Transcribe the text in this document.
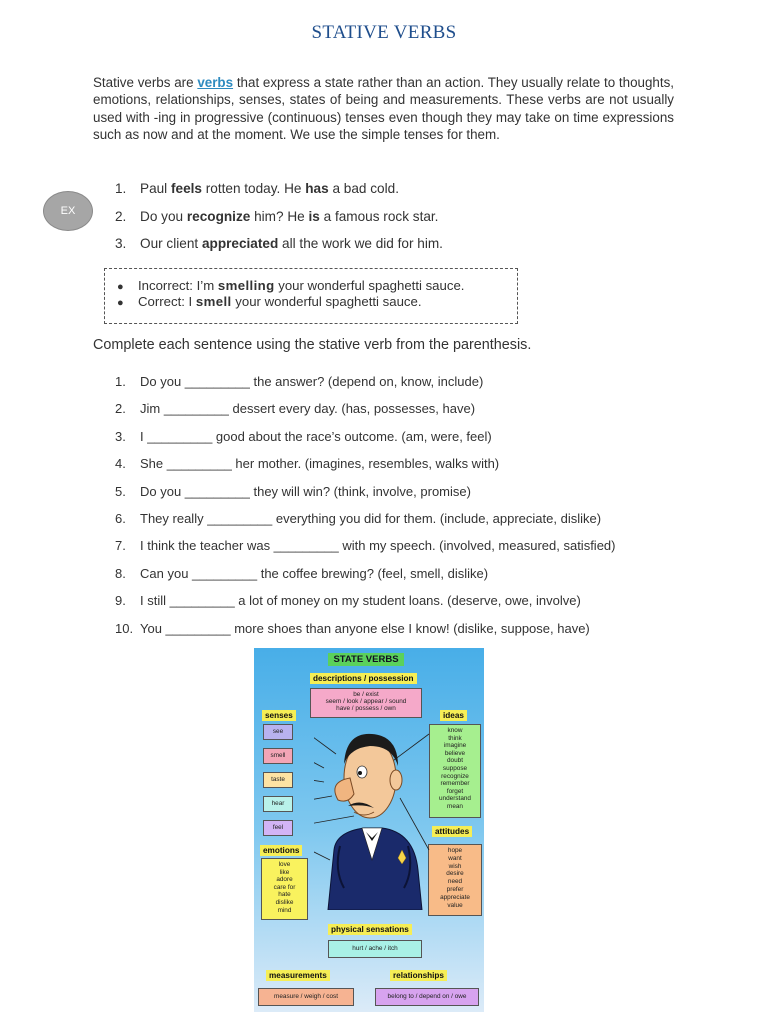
STATIVE VERBS
Stative verbs are verbs that express a state rather than an action. They usually relate to thoughts, emotions, relationships, senses, states of being and measurements. These verbs are not usually used with -ing in progressive (continuous) tenses even though they may take on time expressions such as now and at the moment. We use the simple tenses for them.
EX
1. Paul feels rotten today. He has a bad cold.
2. Do you recognize him? He is a famous rock star.
3. Our client appreciated all the work we did for him.
● Incorrect: I’m smelling your wonderful spaghetti sauce.
● Correct: I smell your wonderful spaghetti sauce.
Complete each sentence using the stative verb from the parenthesis.
1. Do you _________ the answer? (depend on, know, include)
2. Jim _________ dessert every day. (has, possesses, have)
3. I _________ good about the race’s outcome. (am, were, feel)
4. She _________ her mother. (imagines, resembles, walks with)
5. Do you _________ they will win? (think, involve, promise)
6. They really _________ everything you did for them. (include, appreciate, dislike)
7. I think the teacher was _________ with my speech. (involved, measured, satisfied)
8. Can you _________ the coffee brewing? (feel, smell, dislike)
9. I still _________ a lot of money on my student loans. (deserve, owe, involve)
10. You _________ more shoes than anyone else I know! (dislike, suppose, have)
STATE VERBS
descriptions / possession
be / exist
seem / look / appear / sound
have / possess / own
senses
see
smell
taste
hear
feel
ideas
know
think
imagine
believe
doubt
suppose
recognize
remember
forget
understand
mean
attitudes
hope
want
wish
desire
need
prefer
appreciate
value
emotions
love
like
adore
care for
hate
dislike
mind
physical sensations
hurt / ache / itch
measurements
measure / weigh / cost
relationships
belong to / depend on / owe
